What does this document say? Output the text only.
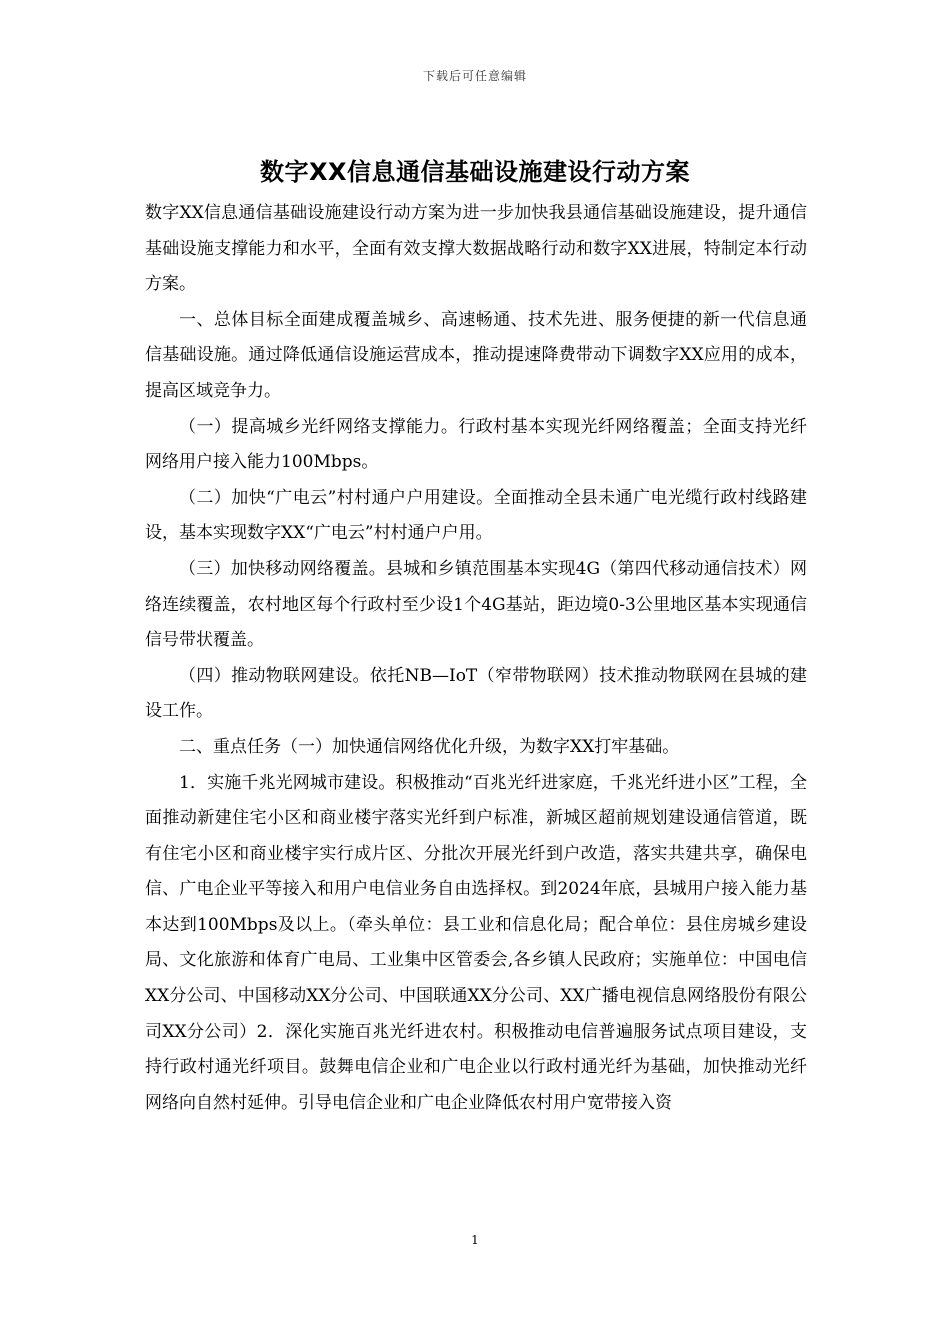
下载后可任意编辑
数字XX信息通信基础设施建设行动方案

数字XX信息通信基础设施建设行动方案为进一步加快我县通信基础设施建设，提升通信基础设施支撑能力和水平，全面有效支撑大数据战略行动和数字XX进展，特制定本行动方案。

一、总体目标全面建成覆盖城乡、高速畅通、技术先进、服务便捷的新一代信息通信基础设施。通过降低通信设施运营成本，推动提速降费带动下调数字XX应用的成本，提高区域竞争力。

（一）提高城乡光纤网络支撑能力。行政村基本实现光纤网络覆盖；全面支持光纤网络用户接入能力100Mbps。

（二）加快“广电云”村村通户户用建设。全面推动全县未通广电光缆行政村线路建设，基本实现数字XX“广电云”村村通户户用。

（三）加快移动网络覆盖。县城和乡镇范围基本实现4G（第四代移动通信技术）网络连续覆盖，农村地区每个行政村至少设1个4G基站，距边境0-3公里地区基本实现通信信号带状覆盖。

（四）推动物联网建设。依托NB—IoT（窄带物联网）技术推动物联网在县城的建设工作。

二、重点任务（一）加快通信网络优化升级，为数字XX打牢基础。

1．实施千兆光网城市建设。积极推动“百兆光纤进家庭，千兆光纤进小区”工程，全面推动新建住宅小区和商业楼宇落实光纤到户标准，新城区超前规划建设通信管道，既有住宅小区和商业楼宇实行成片区、分批次开展光纤到户改造，落实共建共享，确保电信、广电企业平等接入和用户电信业务自由选择权。到2024年底，县城用户接入能力基本达到100Mbps及以上。（牵头单位：县工业和信息化局；配合单位：县住房城乡建设局、文化旅游和体育广电局、工业集中区管委会,各乡镇人民政府；实施单位：中国电信XX分公司、中国移动XX分公司、中国联通XX分公司、XX广播电视信息网络股份有限公司XX分公司）2．深化实施百兆光纤进农村。积极推动电信普遍服务试点项目建设，支持行政村通光纤项目。鼓舞电信企业和广电企业以行政村通光纤为基础，加快推动光纤网络向自然村延伸。引导电信企业和广电企业降低农村用户宽带接入资

1
